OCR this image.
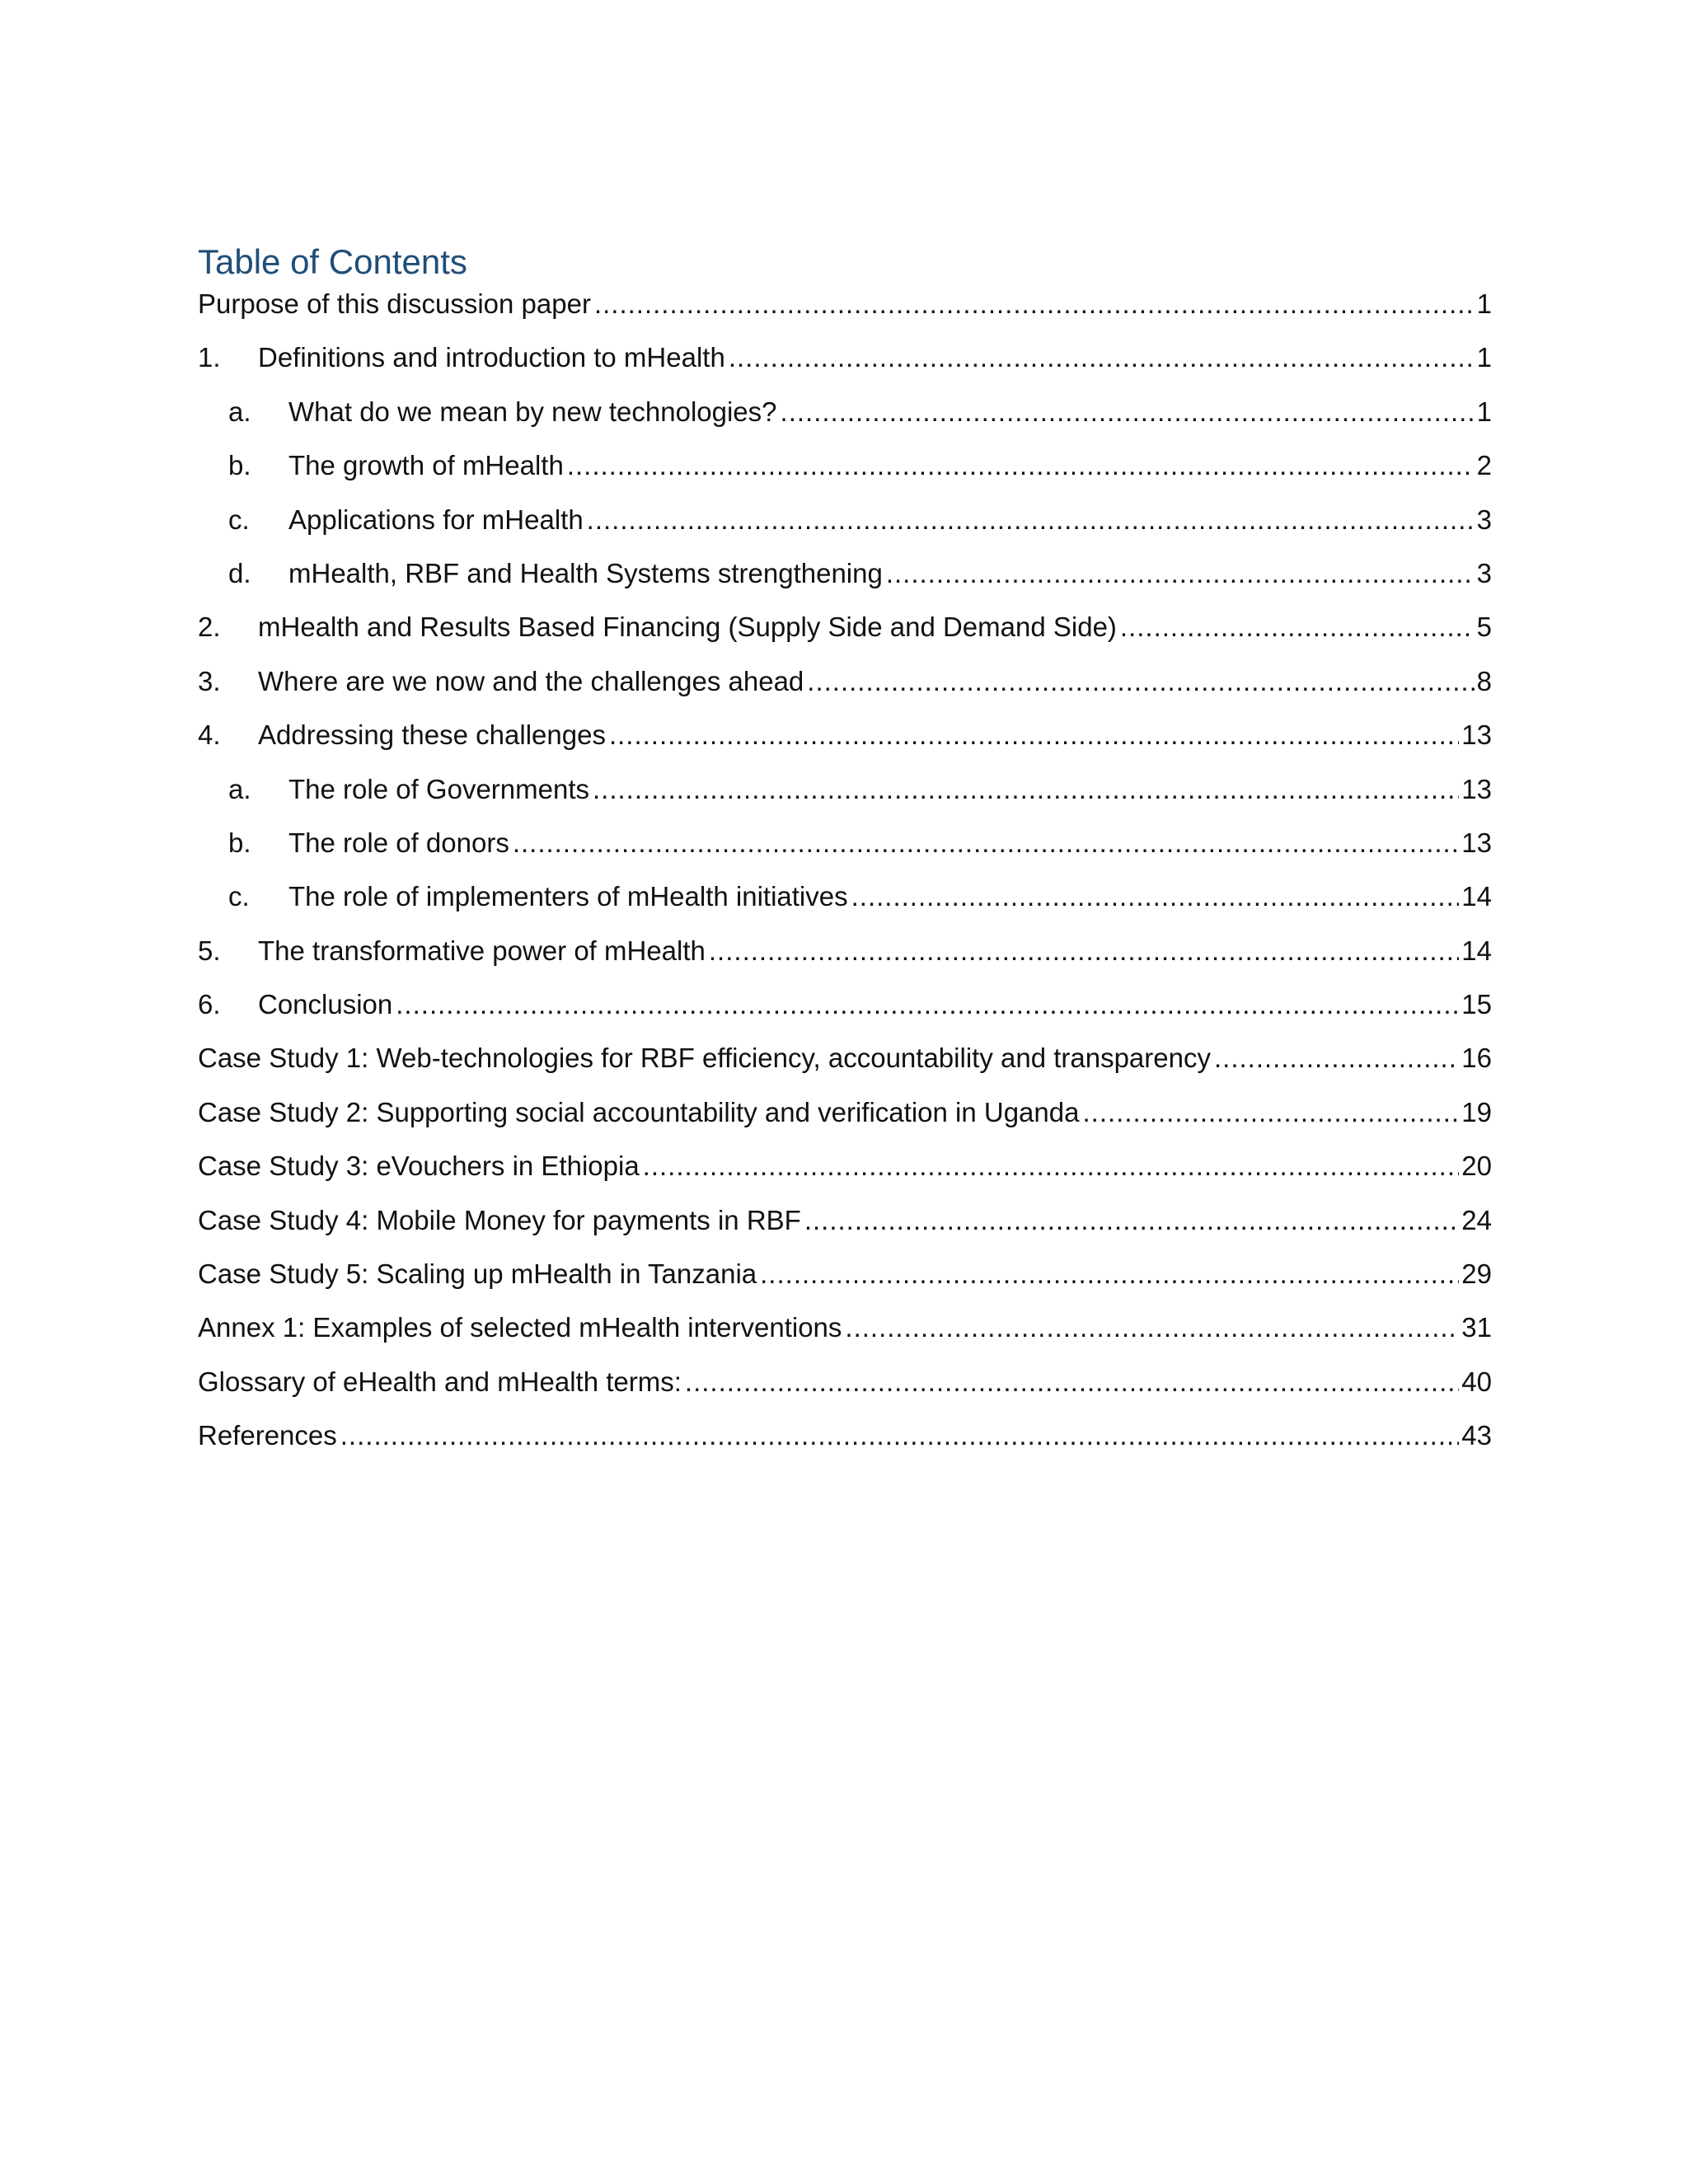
Table of Contents
Purpose of this discussion paper .....	1
1.	Definitions and introduction to mHealth .....	1
a.	What do we mean by new technologies? .....	1
b.	The growth of mHealth .....	2
c.	Applications for mHealth .....	3
d.	mHealth, RBF and Health Systems strengthening .....	3
2.	mHealth and Results Based Financing (Supply Side and Demand Side) .....	5
3.	Where are we now and the challenges ahead .....	8
4.	Addressing these challenges .....	13
a.	The role of Governments .....	13
b.	The role of donors .....	13
c.	The role of implementers of mHealth initiatives .....	14
5.	The transformative power of mHealth .....	14
6.	Conclusion .....	15
Case Study 1: Web-technologies for RBF efficiency, accountability and transparency .....	16
Case Study 2: Supporting social accountability and verification in Uganda .....	19
Case Study 3: eVouchers in Ethiopia .....	20
Case Study 4: Mobile Money for payments in RBF .....	24
Case Study 5: Scaling up mHealth in Tanzania .....	29
Annex 1: Examples of selected mHealth interventions .....	31
Glossary of eHealth and mHealth terms: .....	40
References .....	43
